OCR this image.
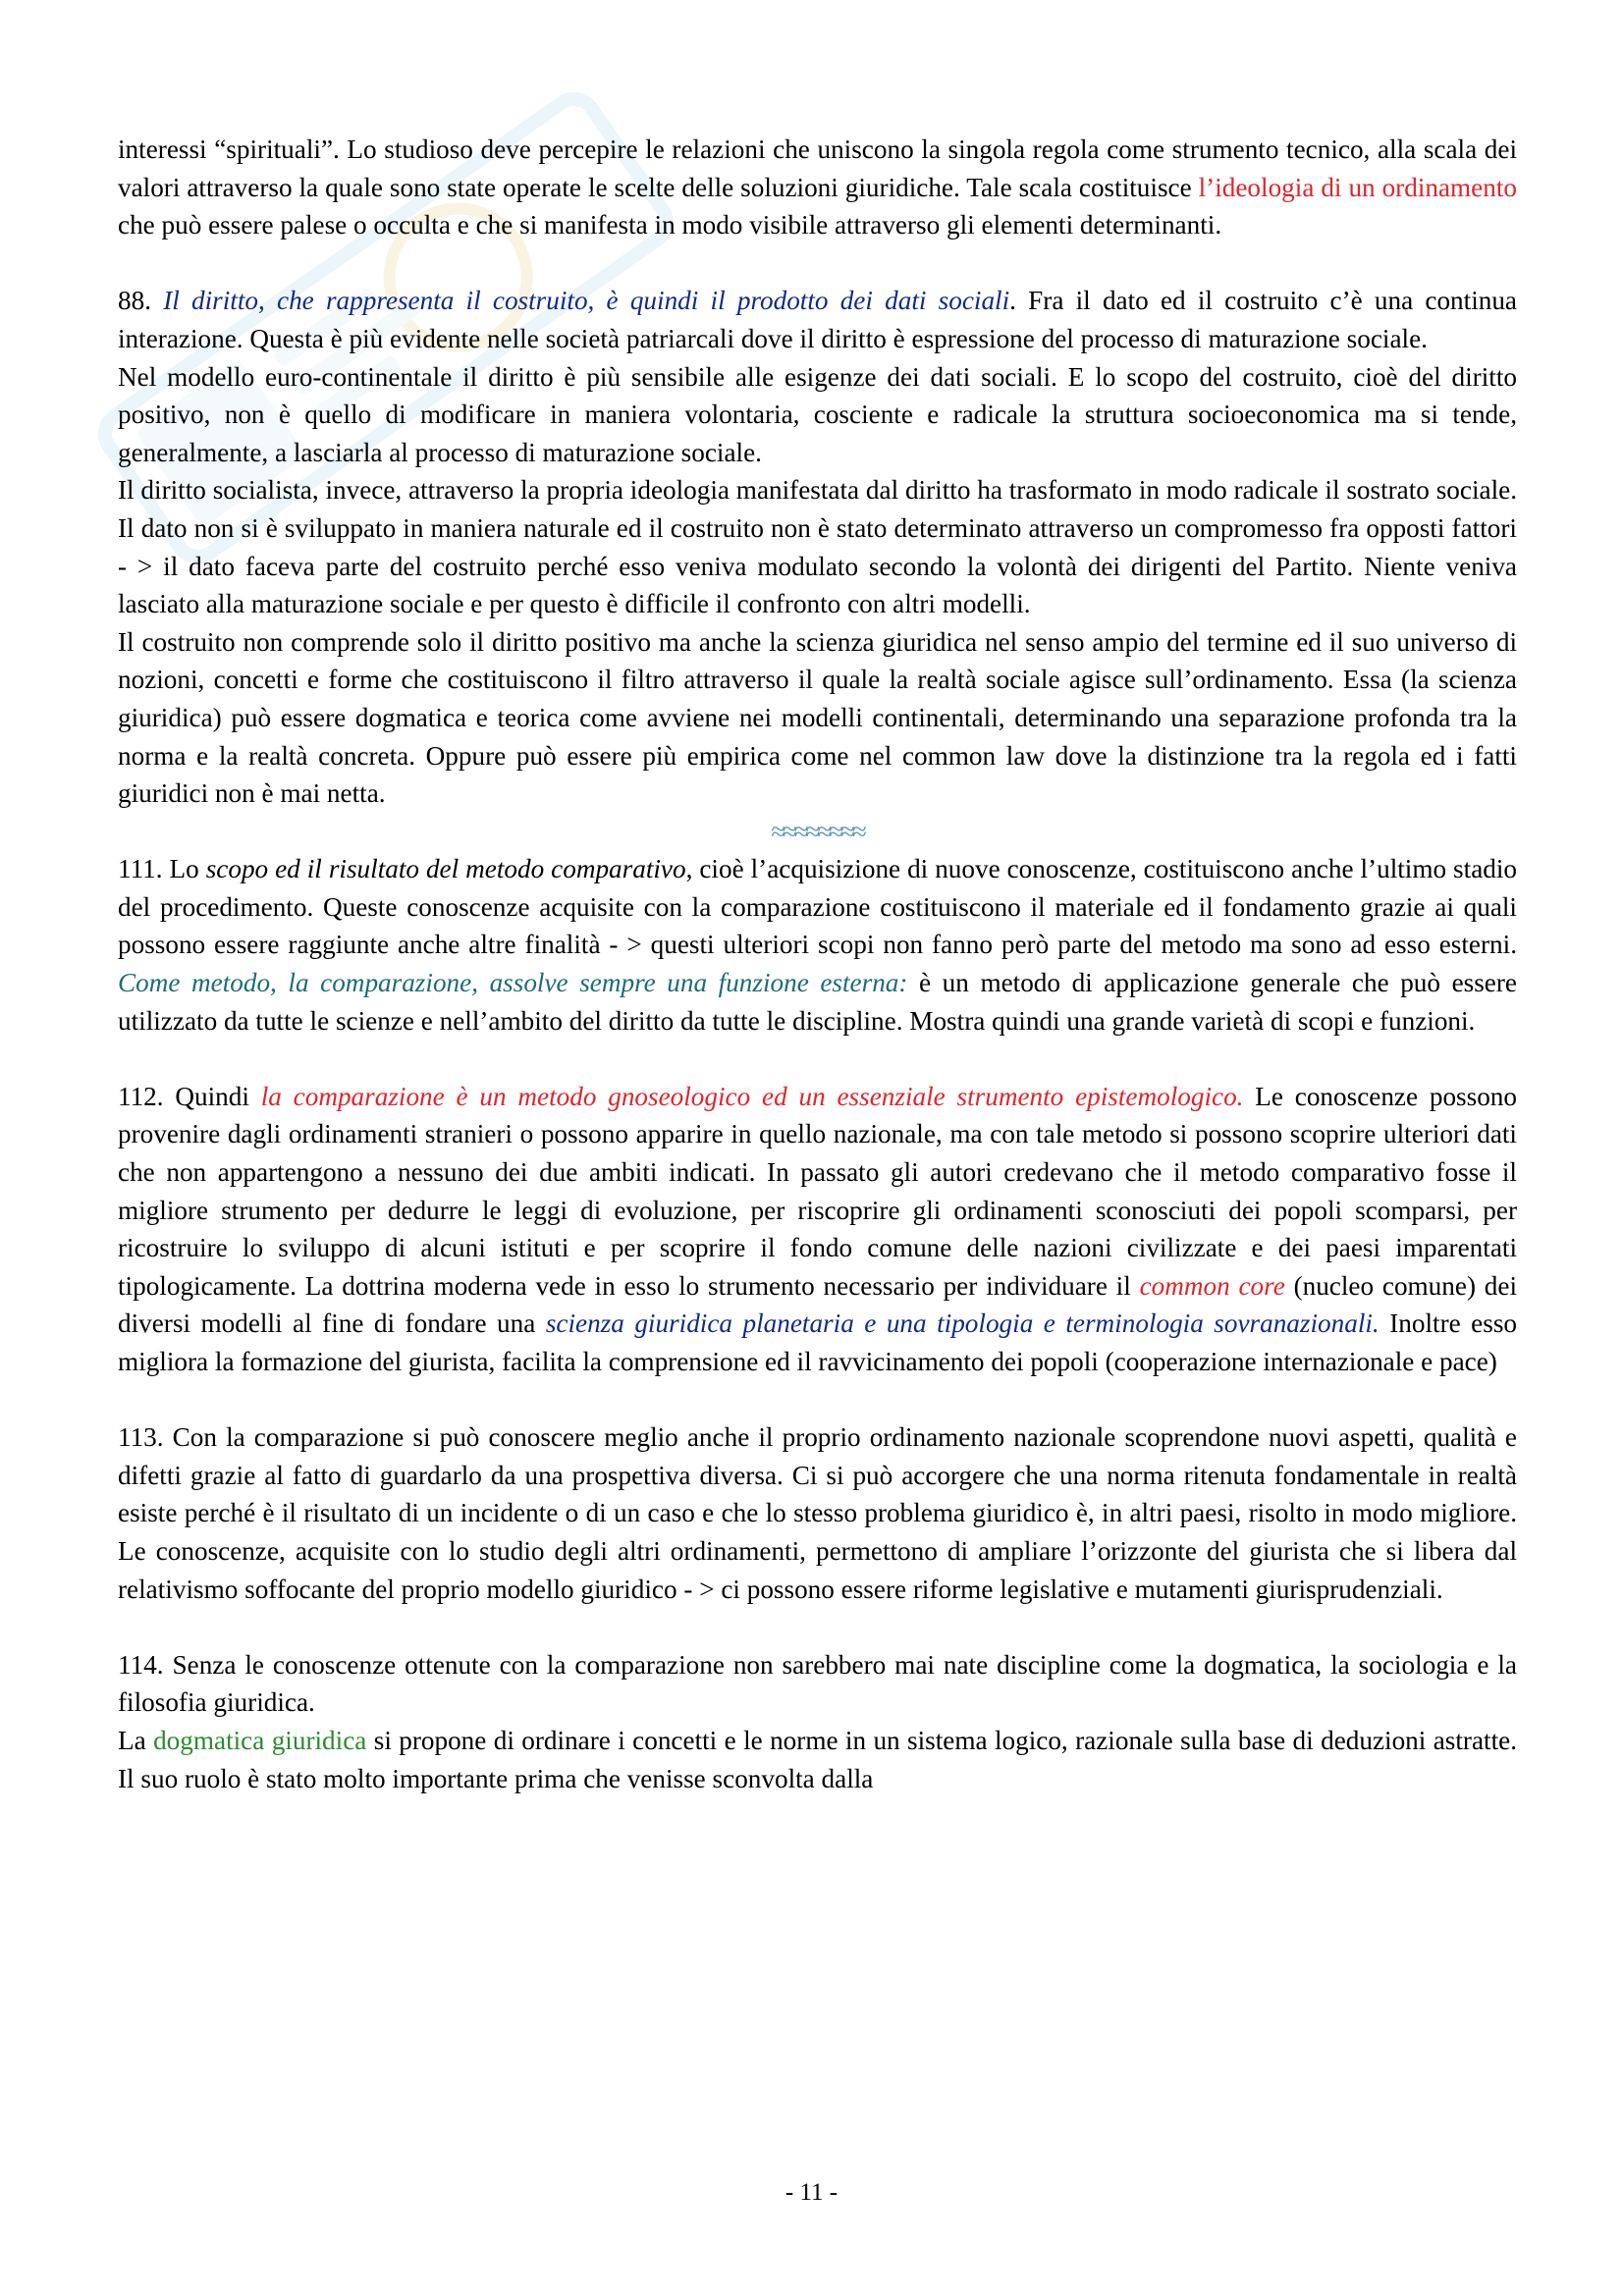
interessi “spirituali”. Lo studioso deve percepire le relazioni che uniscono la singola regola come strumento tecnico, alla scala dei valori attraverso la quale sono state operate le scelte delle soluzioni giuridiche. Tale scala costituisce l’ideologia di un ordinamento che può essere palese o occulta e che si manifesta in modo visibile attraverso gli elementi determinanti.

88. Il diritto, che rappresenta il costruito, è quindi il prodotto dei dati sociali. Fra il dato ed il costruito c’è una continua interazione. Questa è più evidente nelle società patriarcali dove il diritto è espressione del processo di maturazione sociale.

Nel modello euro-continentale il diritto è più sensibile alle esigenze dei dati sociali. E lo scopo del costruito, cioè del diritto positivo, non è quello di modificare in maniera volontaria, cosciente e radicale la struttura socioeconomica ma si tende, generalmente, a lasciarla al processo di maturazione sociale.

Il diritto socialista, invece, attraverso la propria ideologia manifestata dal diritto ha trasformato in modo radicale il sostrato sociale. Il dato non si è sviluppato in maniera naturale ed il costruito non è stato determinato attraverso un compromesso fra opposti fattori - > il dato faceva parte del costruito perché esso veniva modulato secondo la volontà dei dirigenti del Partito. Niente veniva lasciato alla maturazione sociale e per questo è difficile il confronto con altri modelli.

Il costruito non comprende solo il diritto positivo ma anche la scienza giuridica nel senso ampio del termine ed il suo universo di nozioni, concetti e forme che costituiscono il filtro attraverso il quale la realtà sociale agisce sull’ordinamento. Essa (la scienza giuridica) può essere dogmatica e teorica come avviene nei modelli continentali, determinando una separazione profonda tra la norma e la realtà concreta. Oppure può essere più empirica come nel common law dove la distinzione tra la regola ed i fatti giuridici non è mai netta.

≈≈≈≈≈≈≈≈

111. Lo scopo ed il risultato del metodo comparativo, cioè l’acquisizione di nuove conoscenze, costituiscono anche l’ultimo stadio del procedimento. Queste conoscenze acquisite con la comparazione costituiscono il materiale ed il fondamento grazie ai quali possono essere raggiunte anche altre finalità - > questi ulteriori scopi non fanno però parte del metodo ma sono ad esso esterni. Come metodo, la comparazione, assolve sempre una funzione esterna: è un metodo di applicazione generale che può essere utilizzato da tutte le scienze e nell’ambito del diritto da tutte le discipline. Mostra quindi una grande varietà di scopi e funzioni.

112. Quindi la comparazione è un metodo gnoseologico ed un essenziale strumento epistemologico. Le conoscenze possono provenire dagli ordinamenti stranieri o possono apparire in quello nazionale, ma con tale metodo si possono scoprire ulteriori dati che non appartengono a nessuno dei due ambiti indicati. In passato gli autori credevano che il metodo comparativo fosse il migliore strumento per dedurre le leggi di evoluzione, per riscoprire gli ordinamenti sconosciuti dei popoli scomparsi, per ricostruire lo sviluppo di alcuni istituti e per scoprire il fondo comune delle nazioni civilizzate e dei paesi imparentati tipologicamente. La dottrina moderna vede in esso lo strumento necessario per individuare il common core (nucleo comune) dei diversi modelli al fine di fondare una scienza giuridica planetaria e una tipologia e terminologia sovranazionali. Inoltre esso migliora la formazione del giurista, facilita la comprensione ed il ravvicinamento dei popoli (cooperazione internazionale e pace)

113. Con la comparazione si può conoscere meglio anche il proprio ordinamento nazionale scoprendone nuovi aspetti, qualità e difetti grazie al fatto di guardarlo da una prospettiva diversa. Ci si può accorgere che una norma ritenuta fondamentale in realtà esiste perché è il risultato di un incidente o di un caso e che lo stesso problema giuridico è, in altri paesi, risolto in modo migliore. Le conoscenze, acquisite con lo studio degli altri ordinamenti, permettono di ampliare l’orizzonte del giurista che si libera dal relativismo soffocante del proprio modello giuridico - > ci possono essere riforme legislative e mutamenti giurisprudenziali.

114. Senza le conoscenze ottenute con la comparazione non sarebbero mai nate discipline come la dogmatica, la sociologia e la filosofia giuridica.

La dogmatica giuridica si propone di ordinare i concetti e le norme in un sistema logico, razionale sulla base di deduzioni astratte. Il suo ruolo è stato molto importante prima che venisse sconvolta dalla

- 11 -
